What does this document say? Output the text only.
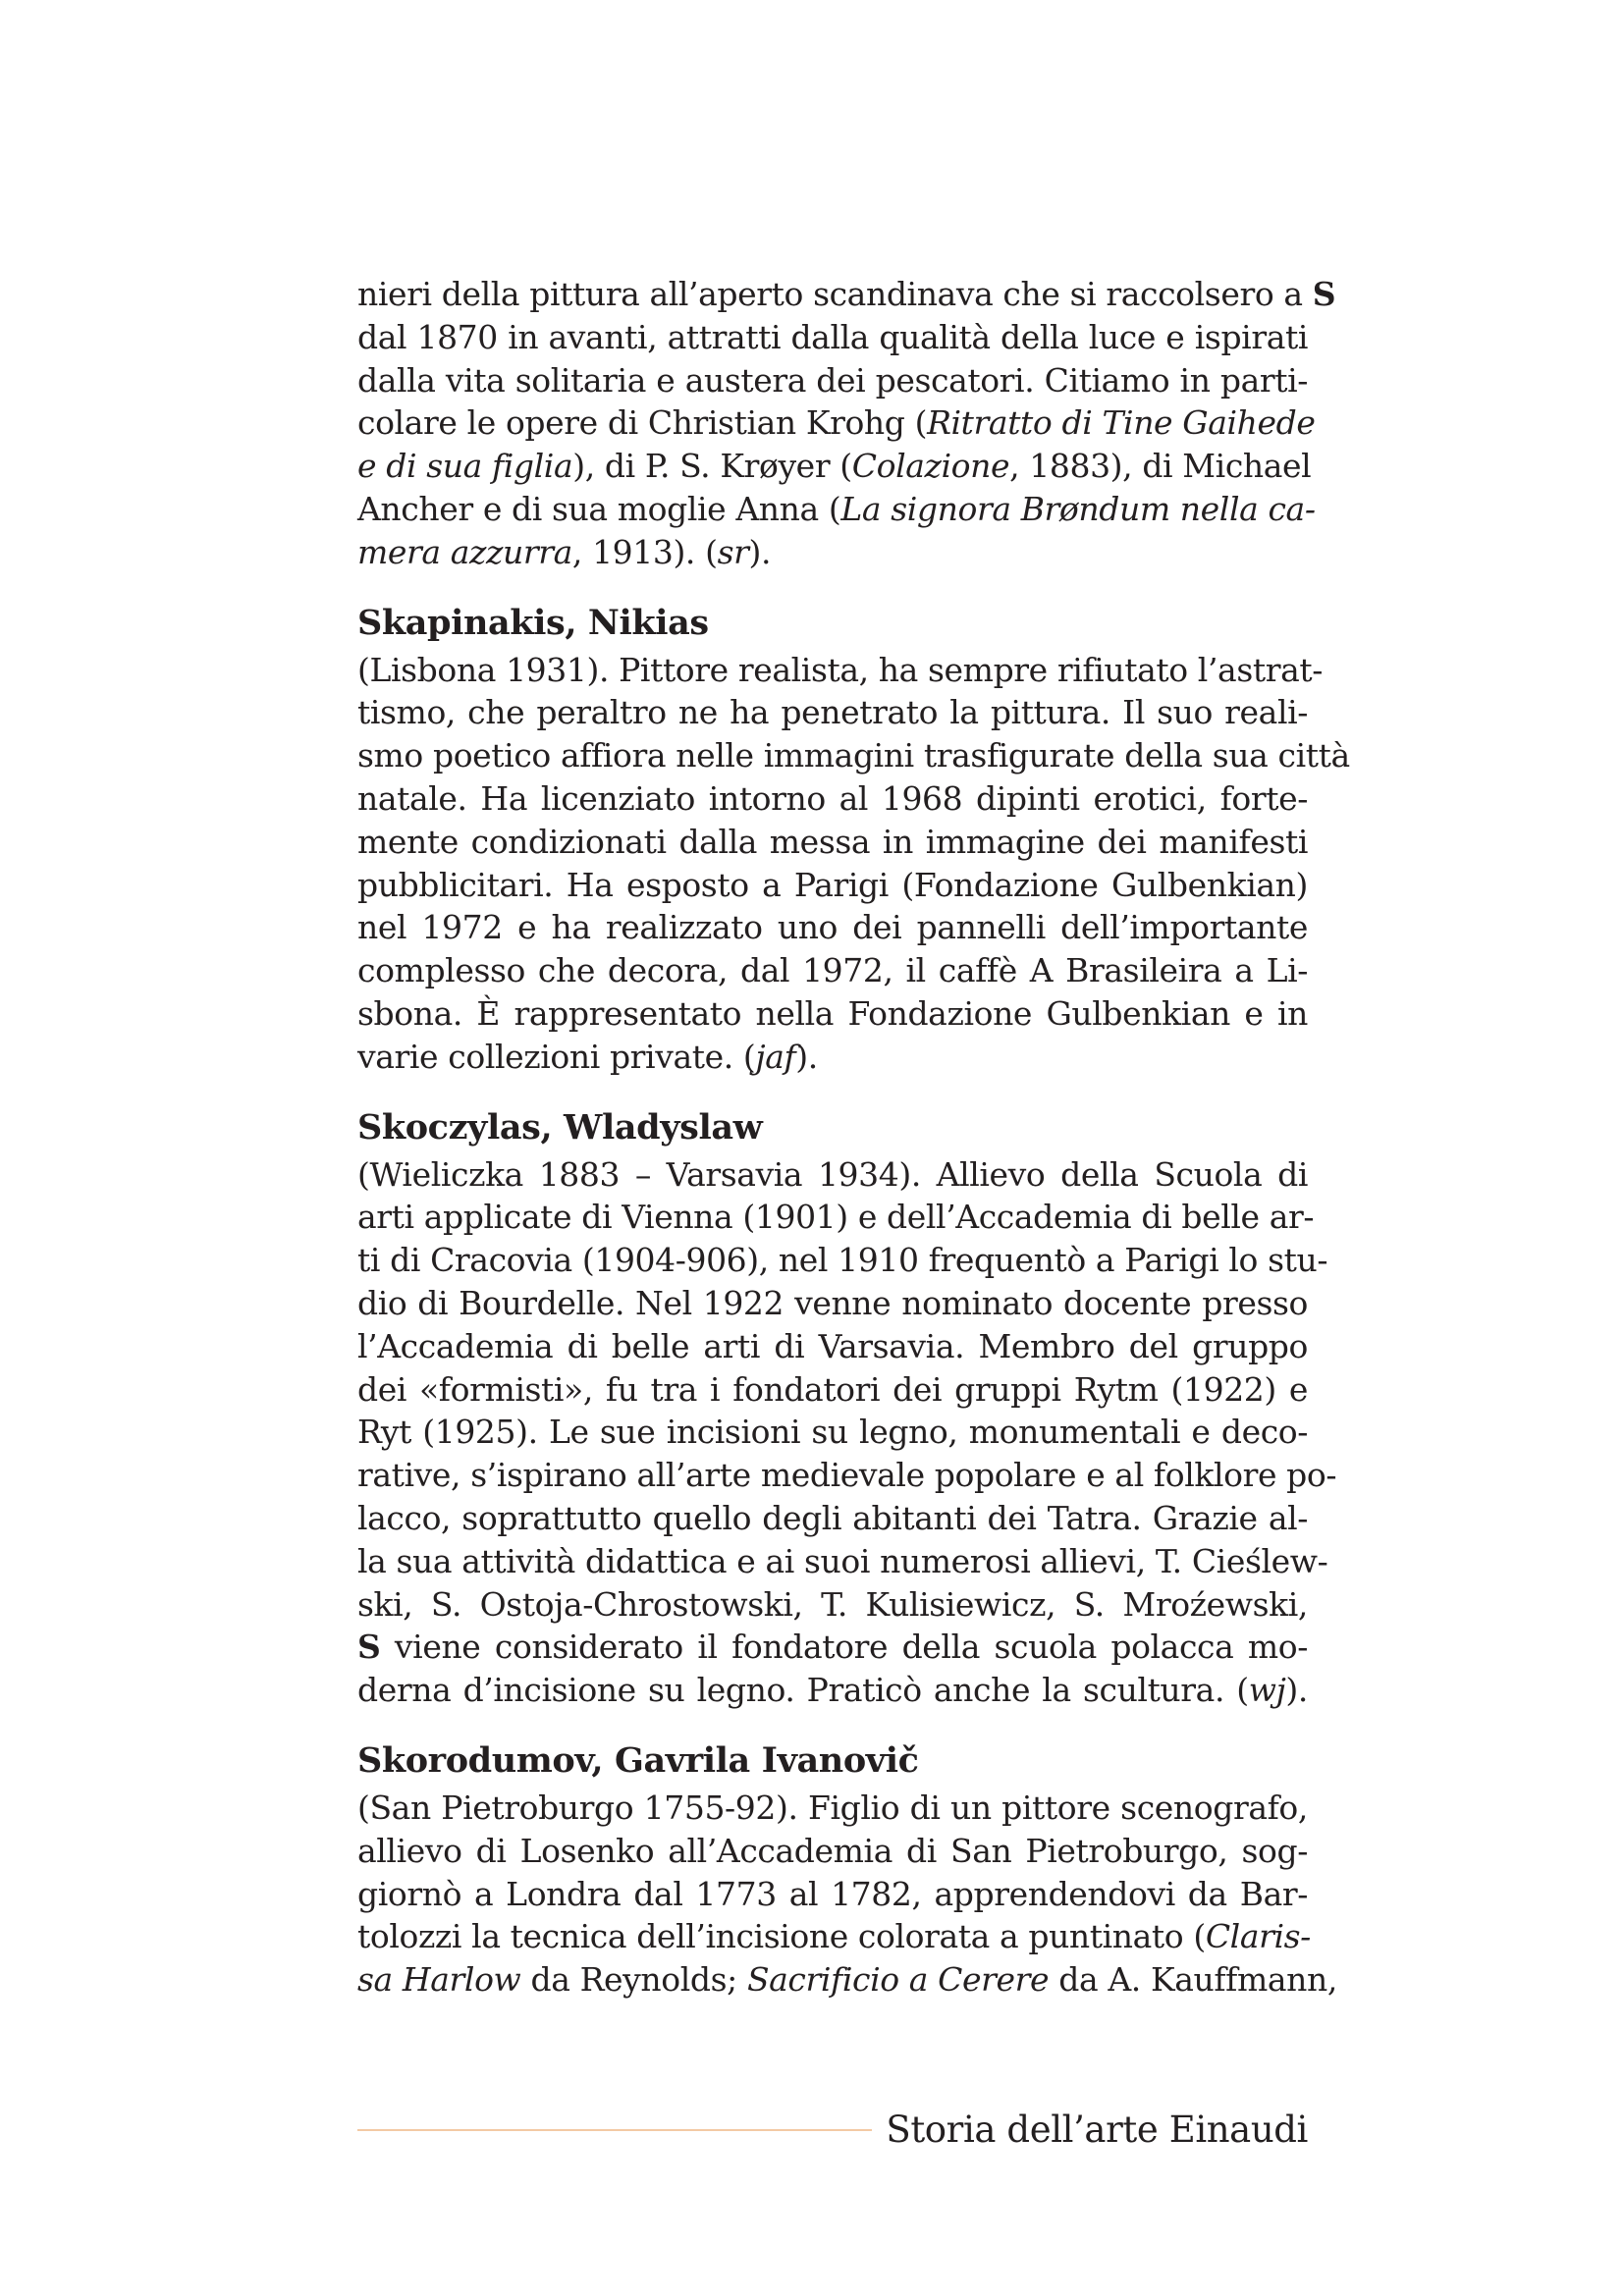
nieri della pittura all’aperto scandinava che si raccolsero a S
dal 1870 in avanti, attratti dalla qualità della luce e ispirati
dalla vita solitaria e austera dei pescatori. Citiamo in parti-
colare le opere di Christian Krohg (Ritratto di Tine Gaihede
e di sua figlia), di P. S. Krøyer (Colazione, 1883), di Michael
Ancher e di sua moglie Anna (La signora Brøndum nella ca-
mera azzurra, 1913). (sr).
Skapinakis, Nikias
(Lisbona 1931). Pittore realista, ha sempre rifiutato l’astrat-
tismo, che peraltro ne ha penetrato la pittura. Il suo reali-
smo poetico affiora nelle immagini trasfigurate della sua città
natale. Ha licenziato intorno al 1968 dipinti erotici, forte-
mente condizionati dalla messa in immagine dei manifesti
pubblicitari. Ha esposto a Parigi (Fondazione Gulbenkian)
nel 1972 e ha realizzato uno dei pannelli dell’importante
complesso che decora, dal 1972, il caffè A Brasileira a Li-
sbona. È rappresentato nella Fondazione Gulbenkian e in
varie collezioni private. (jaf).
Skoczylas, Wladyslaw
(Wieliczka 1883 – Varsavia 1934). Allievo della Scuola di
arti applicate di Vienna (1901) e dell’Accademia di belle ar-
ti di Cracovia (1904-906), nel 1910 frequentò a Parigi lo stu-
dio di Bourdelle. Nel 1922 venne nominato docente presso
l’Accademia di belle arti di Varsavia. Membro del gruppo
dei «formisti», fu tra i fondatori dei gruppi Rytm (1922) e
Ryt (1925). Le sue incisioni su legno, monumentali e deco-
rative, s’ispirano all’arte medievale popolare e al folklore po-
lacco, soprattutto quello degli abitanti dei Tatra. Grazie al-
la sua attività didattica e ai suoi numerosi allievi, T. Cieślew-
ski, S. Ostoja-Chrostowski, T. Kulisiewicz, S. Mroźewski,
S viene considerato il fondatore della scuola polacca mo-
derna d’incisione su legno. Praticò anche la scultura. (wj).
Skorodumov, Gavrila Ivanovič
(San Pietroburgo 1755-92). Figlio di un pittore scenografo,
allievo di Losenko all’Accademia di San Pietroburgo, sog-
giornò a Londra dal 1773 al 1782, apprendendovi da Bar-
tolozzi la tecnica dell’incisione colorata a puntinato (Claris-
sa Harlow da Reynolds; Sacrificio a Cerere da A. Kauffmann,
Storia dell’arte Einaudi
